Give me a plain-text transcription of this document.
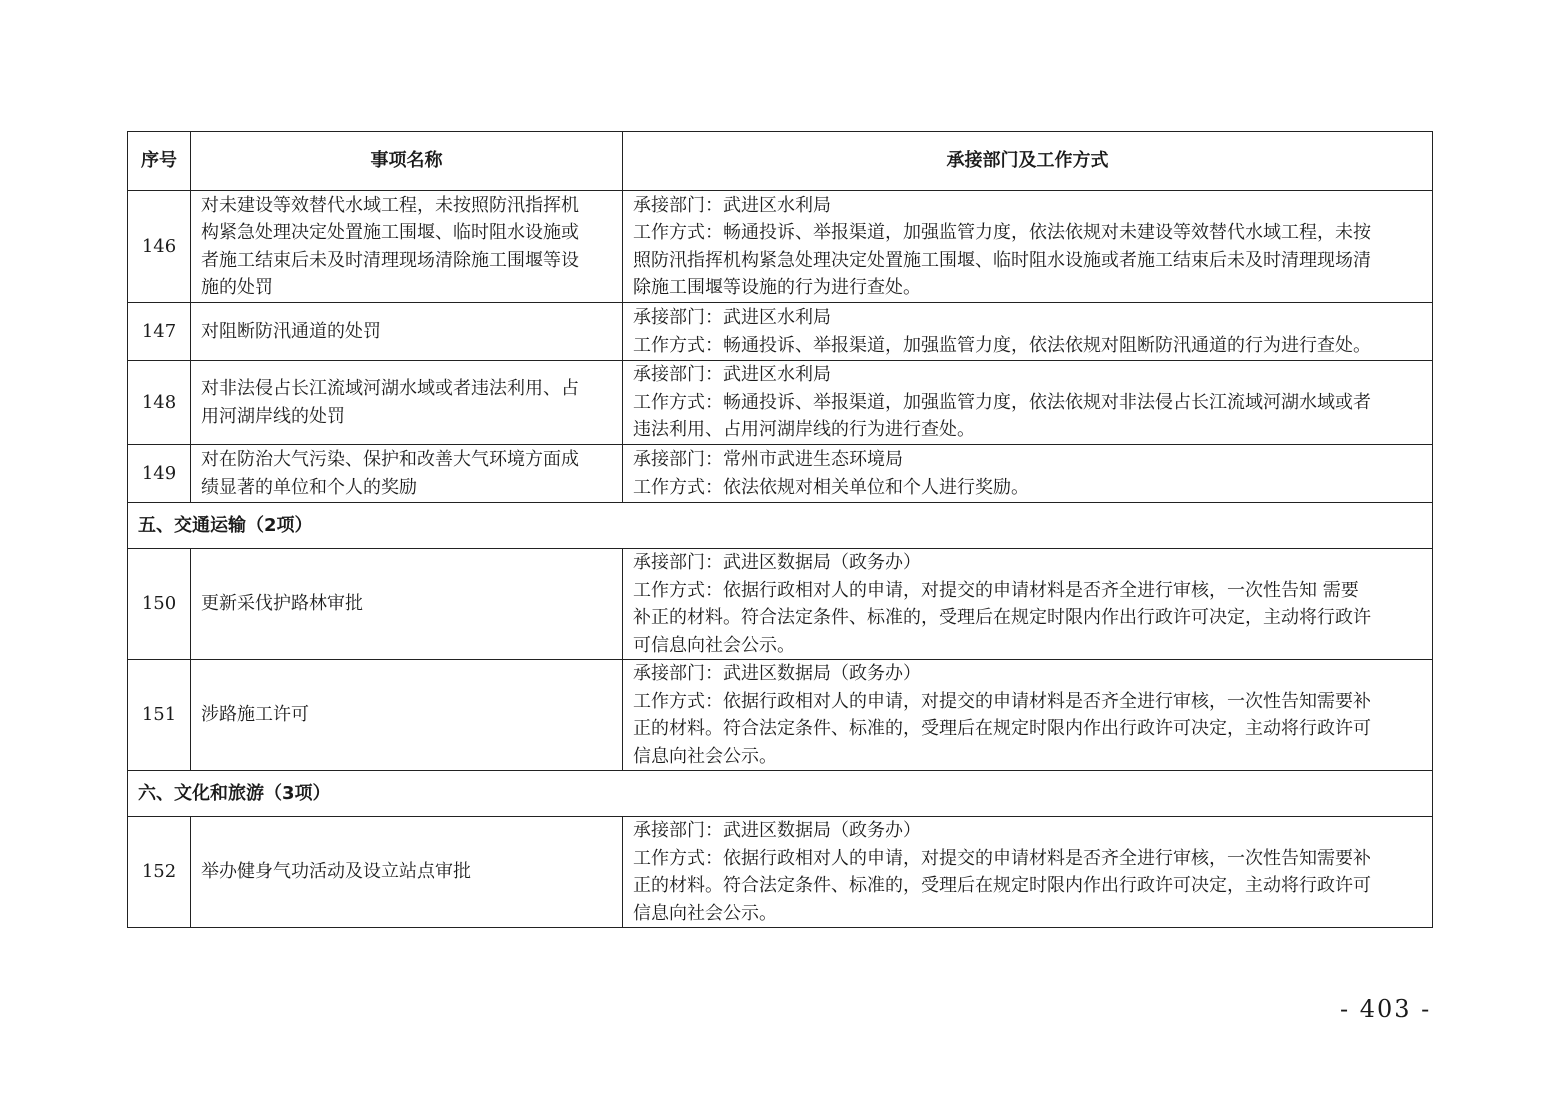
序号	事项名称	承接部门及工作方式
146	对未建设等效替代水域工程，未按照防汛指挥机
构紧急处理决定处置施工围堰、临时阻水设施或
者施工结束后未及时清理现场清除施工围堰等设
施的处罚	承接部门：武进区水利局
工作方式：畅通投诉、举报渠道，加强监管力度，依法依规对未建设等效替代水域工程，未按
照防汛指挥机构紧急处理决定处置施工围堰、临时阻水设施或者施工结束后未及时清理现场清
除施工围堰等设施的行为进行查处。

147	对阻断防汛通道的处罚	承接部门：武进区水利局
工作方式：畅通投诉、举报渠道，加强监管力度，依法依规对阻断防汛通道的行为进行查处。

148	对非法侵占长江流域河湖水域或者违法利用、占
用河湖岸线的处罚	承接部门：武进区水利局
工作方式：畅通投诉、举报渠道，加强监管力度，依法依规对非法侵占长江流域河湖水域或者
违法利用、占用河湖岸线的行为进行查处。

149	对在防治大气污染、保护和改善大气环境方面成
绩显著的单位和个人的奖励	承接部门：常州市武进生态环境局
工作方式：依法依规对相关单位和个人进行奖励。

五、交通运输（2项）		
150	更新采伐护路林审批	承接部门：武进区数据局（政务办）
工作方式：依据行政相对人的申请，对提交的申请材料是否齐全进行审核，一次性告知 需要
补正的材料。符合法定条件、标准的，受理后在规定时限内作出行政许可决定，主动将行政许
可信息向社会公示。

151	涉路施工许可	承接部门：武进区数据局（政务办）
工作方式：依据行政相对人的申请，对提交的申请材料是否齐全进行审核，一次性告知需要补
正的材料。符合法定条件、标准的，受理后在规定时限内作出行政许可决定，主动将行政许可
信息向社会公示。

六、文化和旅游（3项）		
152	举办健身气功活动及设立站点审批	承接部门：武进区数据局（政务办）
工作方式：依据行政相对人的申请，对提交的申请材料是否齐全进行审核，一次性告知需要补
正的材料。符合法定条件、标准的，受理后在规定时限内作出行政许可决定，主动将行政许可
信息向社会公示。
- 403 -
